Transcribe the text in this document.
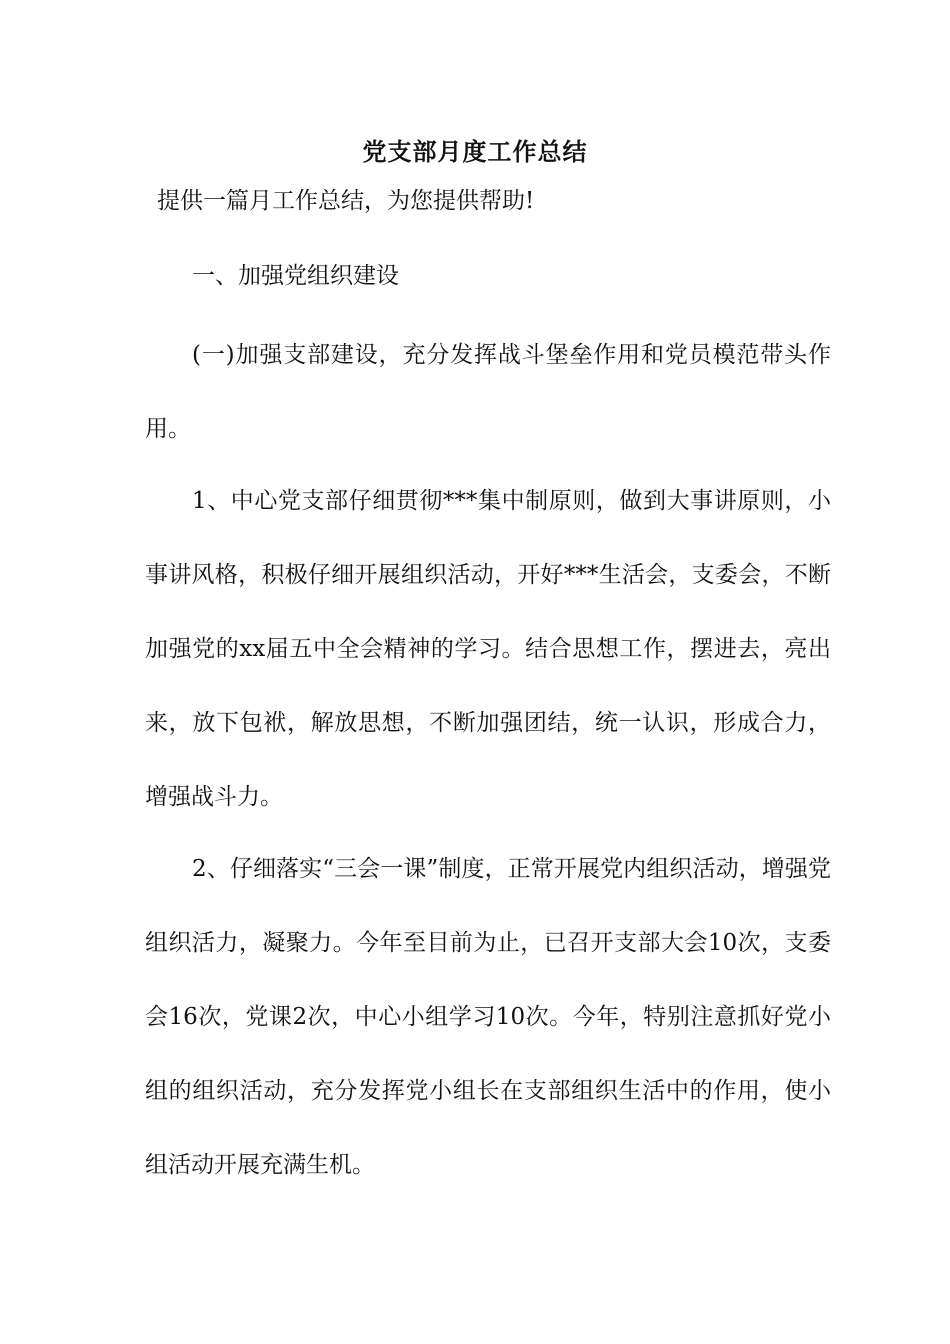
党支部月度工作总结

提供一篇月工作总结，为您提供帮助!

一、加强党组织建设

(一)加强支部建设，充分发挥战斗堡垒作用和党员模范带头作用。

1、中心党支部仔细贯彻***集中制原则，做到大事讲原则，小事讲风格，积极仔细开展组织活动，开好***生活会，支委会，不断加强党的xx届五中全会精神的学习。结合思想工作，摆进去，亮出来，放下包袱，解放思想，不断加强团结，统一认识，形成合力，增强战斗力。

2、仔细落实“三会一课”制度，正常开展党内组织活动，增强党组织活力，凝聚力。今年至目前为止，已召开支部大会10次，支委会16次，党课2次，中心小组学习10次。今年，特别注意抓好党小组的组织活动，充分发挥党小组长在支部组织生活中的作用，使小组活动开展充满生机。
